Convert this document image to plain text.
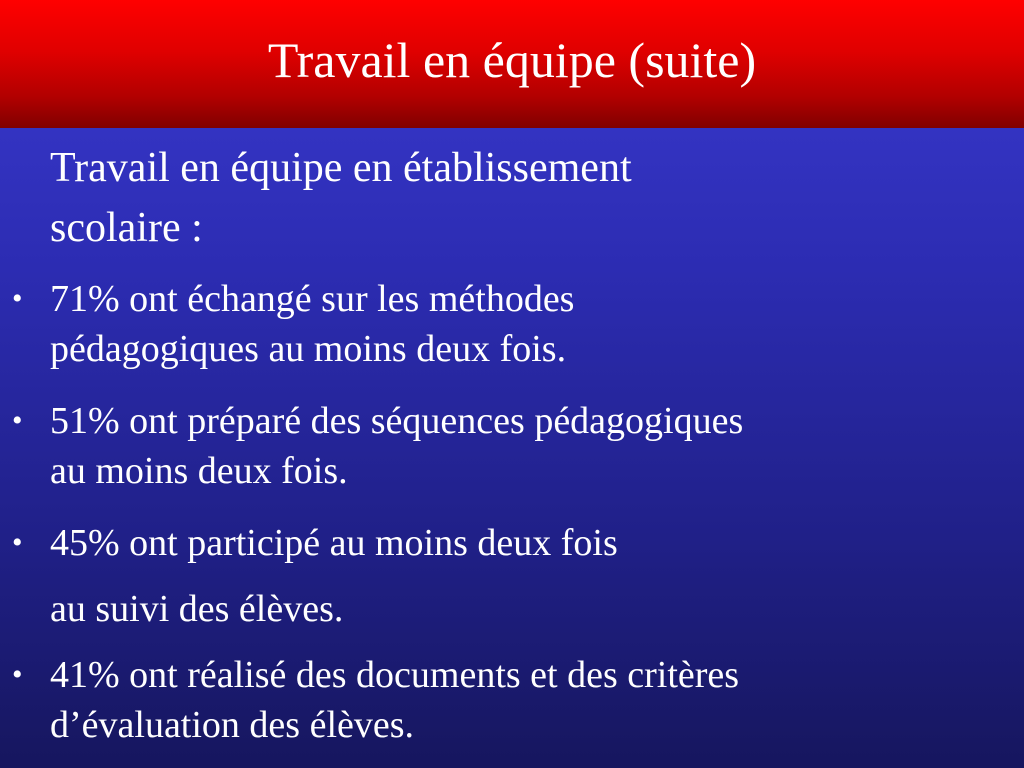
Travail en équipe (suite)
Travail en équipe en établissement
scolaire :
• 71% ont échangé sur les méthodes
pédagogiques au moins deux fois.
• 51% ont préparé des séquences pédagogiques
au moins deux fois.
• 45% ont participé au moins deux fois
au suivi des élèves.
• 41% ont réalisé des documents et des critères
d’évaluation des élèves.
